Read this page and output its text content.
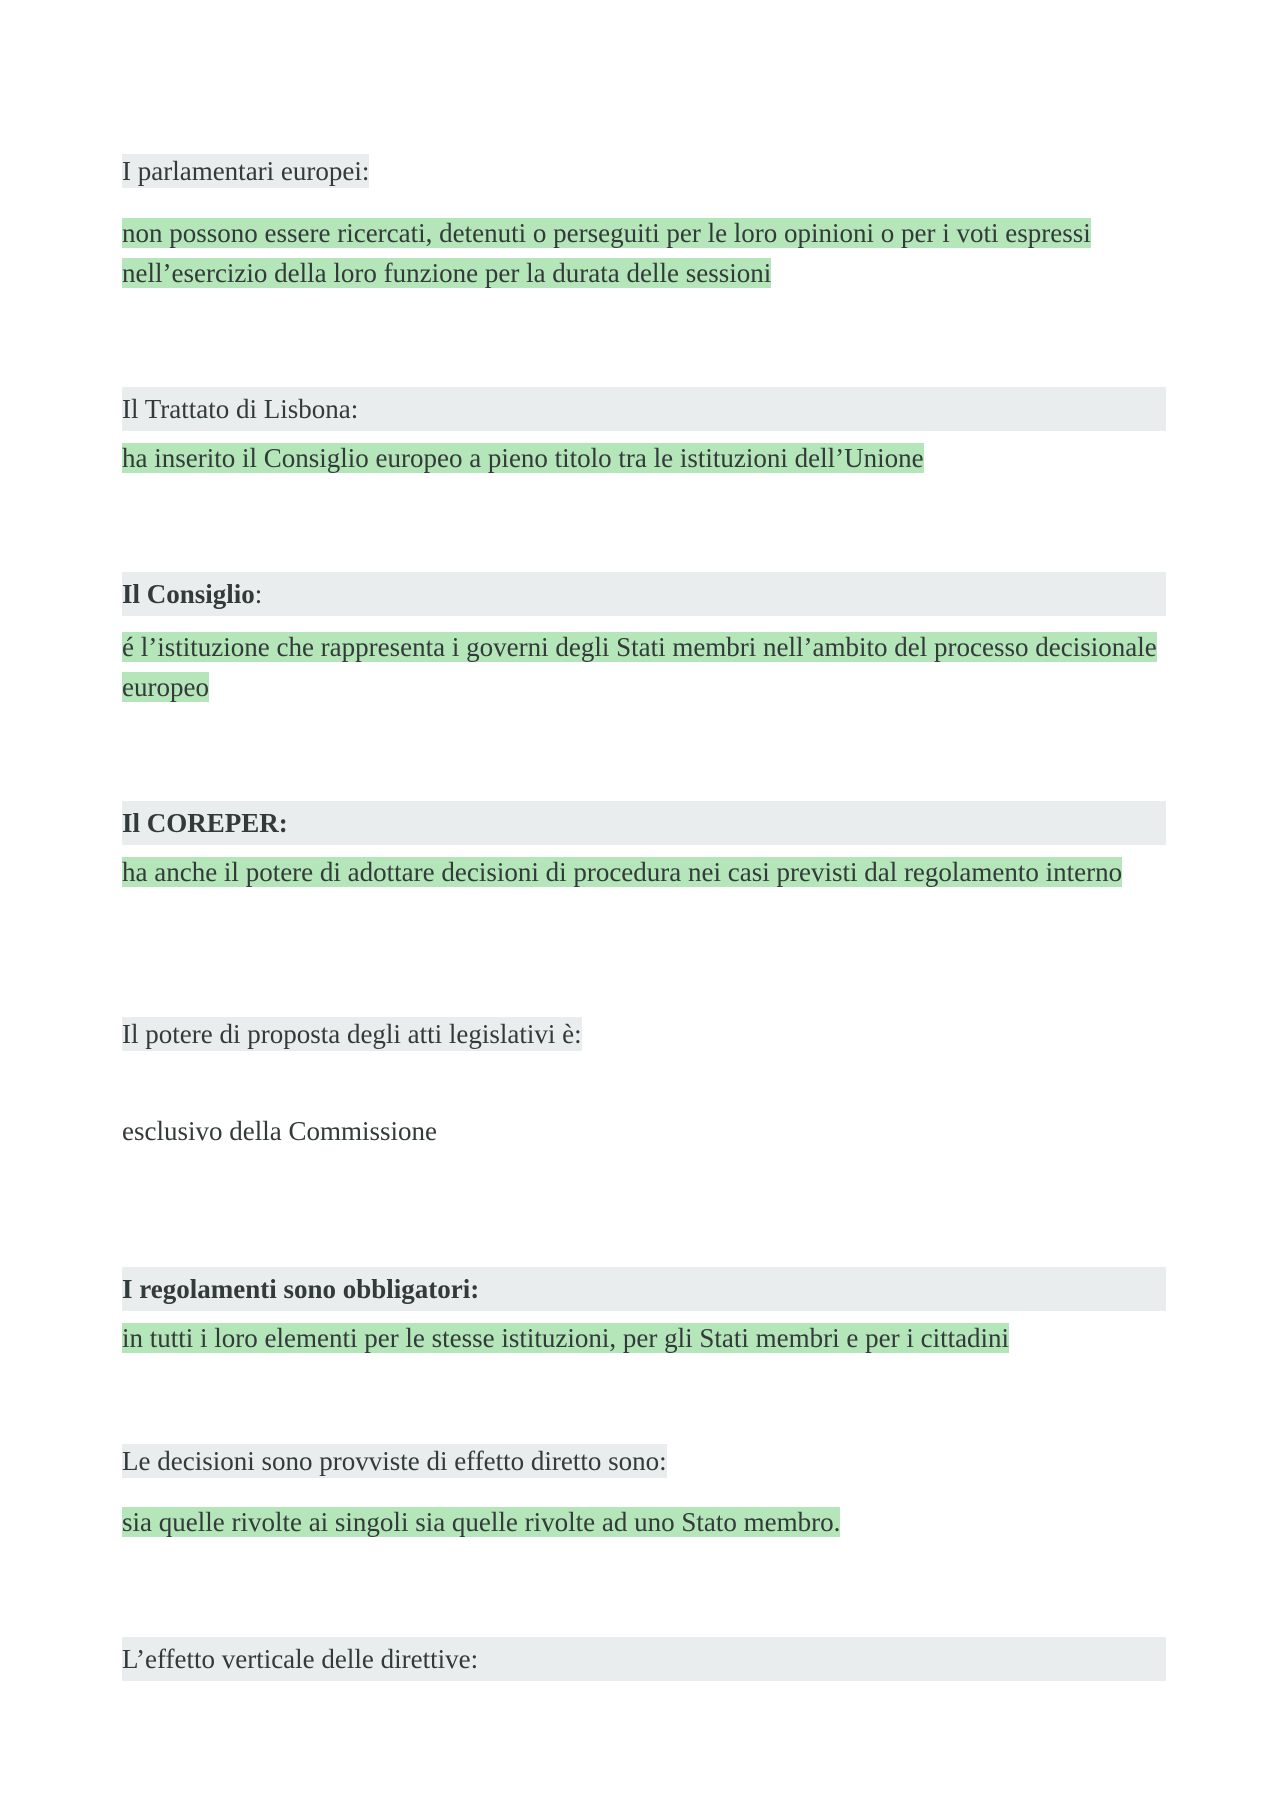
I parlamentari europei:
non possono essere ricercati, detenuti o perseguiti per le loro opinioni o per i voti espressi nell’esercizio della loro funzione per la durata delle sessioni
Il Trattato di Lisbona:
ha inserito il Consiglio europeo a pieno titolo tra le istituzioni dell’Unione
Il Consiglio:
é l’istituzione che rappresenta i governi degli Stati membri nell’ambito del processo decisionale europeo
Il COREPER:
ha anche il potere di adottare decisioni di procedura nei casi previsti dal regolamento interno
Il potere di proposta degli atti legislativi è:
esclusivo della Commissione
I regolamenti sono obbligatori:
in tutti i loro elementi per le stesse istituzioni, per gli Stati membri e per i cittadini
Le decisioni sono provviste di effetto diretto sono:
sia quelle rivolte ai singoli sia quelle rivolte ad uno Stato membro.
L’effetto verticale delle direttive:
